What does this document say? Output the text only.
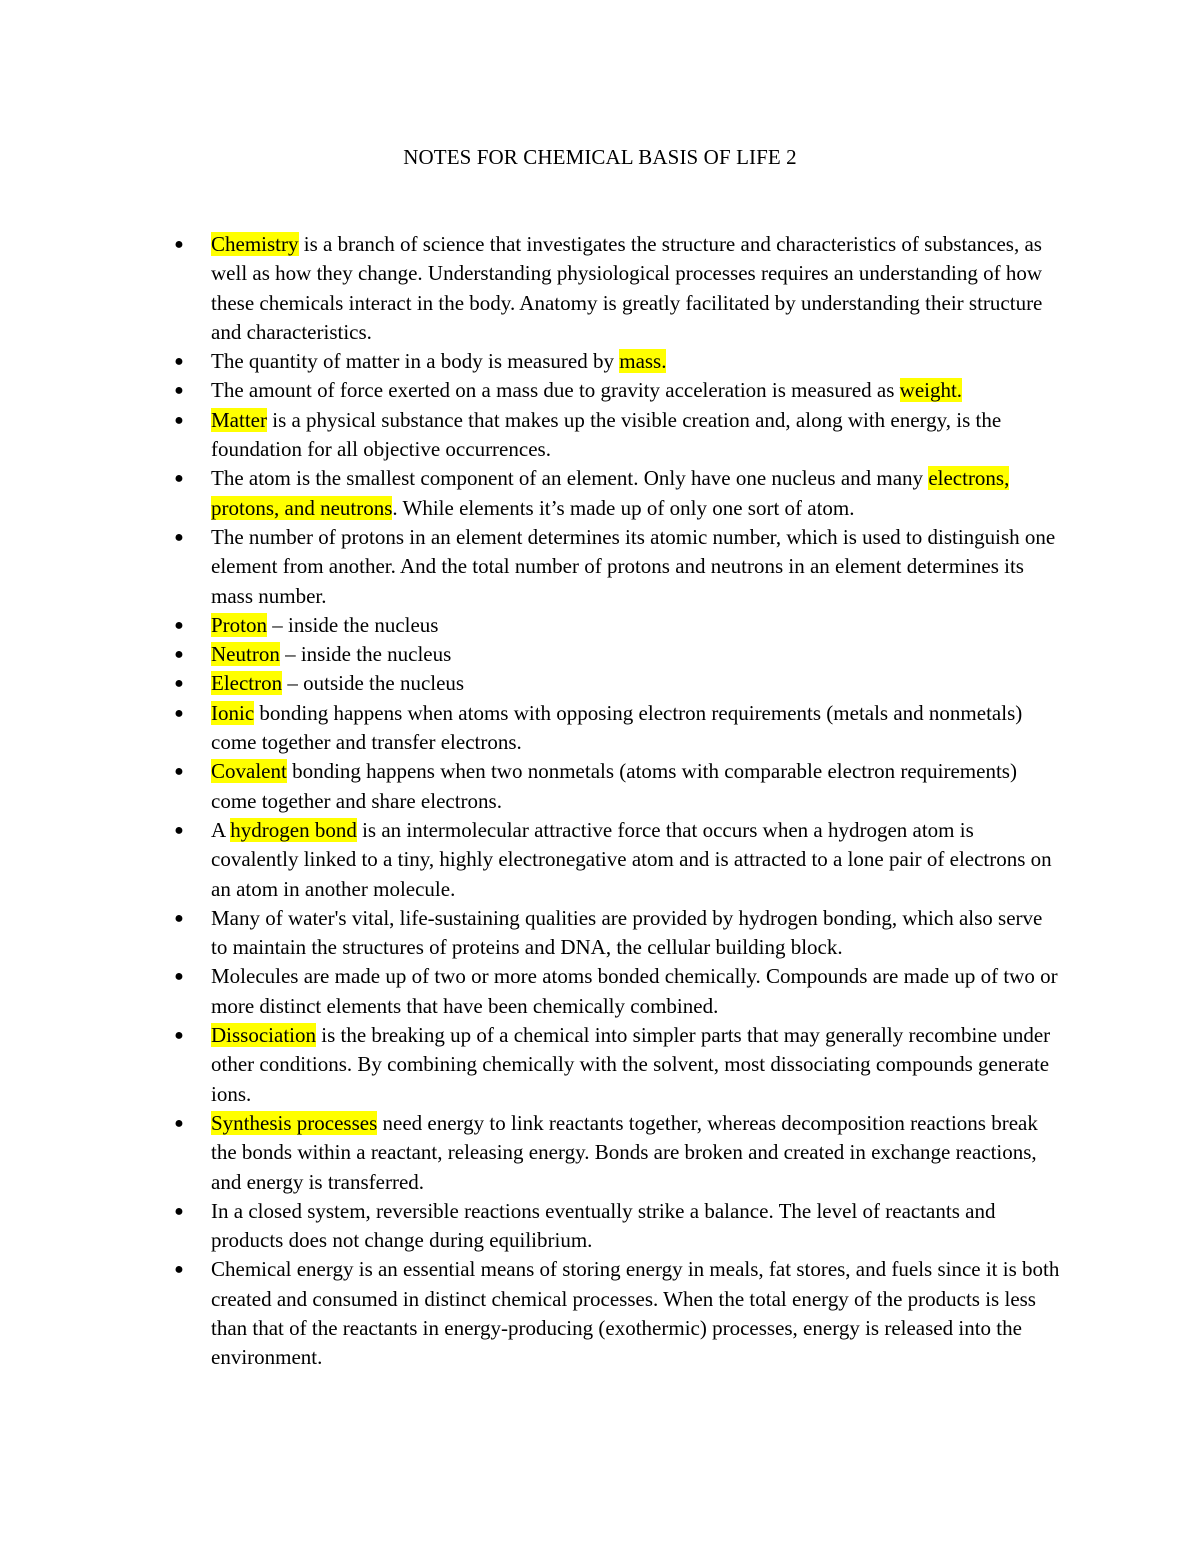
NOTES FOR CHEMICAL BASIS OF LIFE 2
● Chemistry is a branch of science that investigates the structure and characteristics of substances, as well as how they change. Understanding physiological processes requires an understanding of how these chemicals interact in the body. Anatomy is greatly facilitated by understanding their structure and characteristics.
● The quantity of matter in a body is measured by mass.
● The amount of force exerted on a mass due to gravity acceleration is measured as weight.
● Matter is a physical substance that makes up the visible creation and, along with energy, is the foundation for all objective occurrences.
● The atom is the smallest component of an element. Only have one nucleus and many electrons, protons, and neutrons. While elements it’s made up of only one sort of atom.
● The number of protons in an element determines its atomic number, which is used to distinguish one element from another. And the total number of protons and neutrons in an element determines its mass number.
● Proton – inside the nucleus
● Neutron – inside the nucleus
● Electron – outside the nucleus
● Ionic bonding happens when atoms with opposing electron requirements (metals and nonmetals) come together and transfer electrons.
● Covalent bonding happens when two nonmetals (atoms with comparable electron requirements) come together and share electrons.
● A hydrogen bond is an intermolecular attractive force that occurs when a hydrogen atom is covalently linked to a tiny, highly electronegative atom and is attracted to a lone pair of electrons on an atom in another molecule.
● Many of water's vital, life-sustaining qualities are provided by hydrogen bonding, which also serve to maintain the structures of proteins and DNA, the cellular building block.
● Molecules are made up of two or more atoms bonded chemically. Compounds are made up of two or more distinct elements that have been chemically combined.
● Dissociation is the breaking up of a chemical into simpler parts that may generally recombine under other conditions. By combining chemically with the solvent, most dissociating compounds generate ions.
● Synthesis processes need energy to link reactants together, whereas decomposition reactions break the bonds within a reactant, releasing energy. Bonds are broken and created in exchange reactions, and energy is transferred.
● In a closed system, reversible reactions eventually strike a balance. The level of reactants and products does not change during equilibrium.
● Chemical energy is an essential means of storing energy in meals, fat stores, and fuels since it is both created and consumed in distinct chemical processes. When the total energy of the products is less than that of the reactants in energy-producing (exothermic) processes, energy is released into the environment.
